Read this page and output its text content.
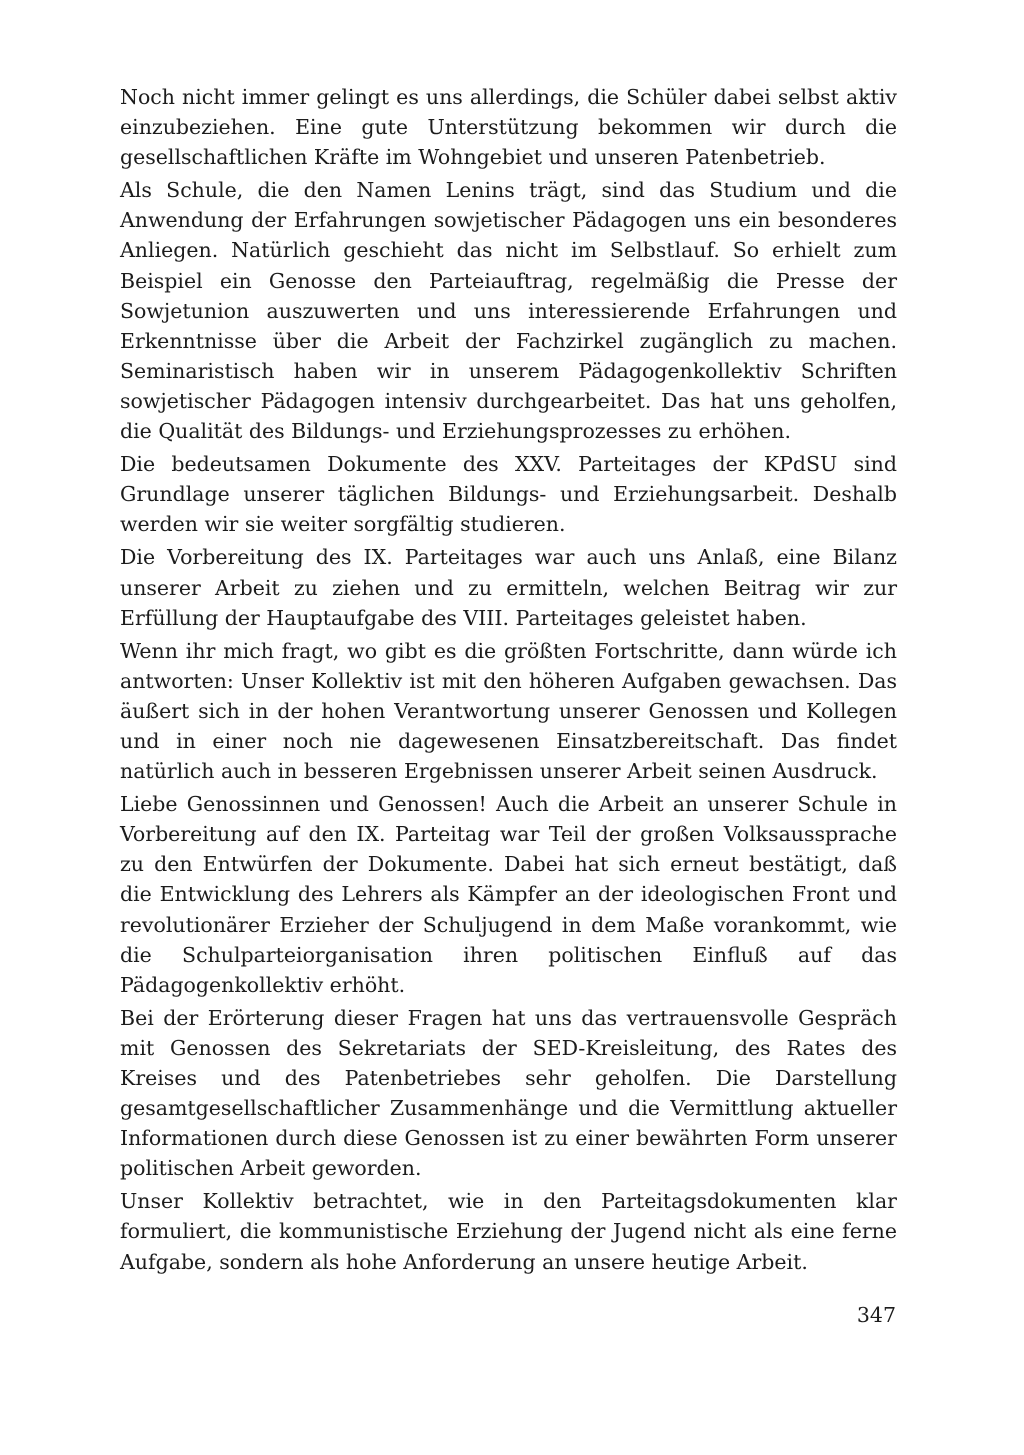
Noch nicht immer gelingt es uns allerdings, die Schüler dabei selbst aktiv einzubeziehen. Eine gute Unterstützung bekommen wir durch die gesellschaftlichen Kräfte im Wohngebiet und unseren Patenbetrieb.

Als Schule, die den Namen Lenins trägt, sind das Studium und die Anwendung der Erfahrungen sowjetischer Pädagogen uns ein besonderes Anliegen. Natürlich geschieht das nicht im Selbstlauf. So erhielt zum Beispiel ein Genosse den Parteiauftrag, regelmäßig die Presse der Sowjetunion auszuwerten und uns interessierende Erfahrungen und Erkenntnisse über die Arbeit der Fachzirkel zugänglich zu machen. Seminaristisch haben wir in unserem Pädagogenkollektiv Schriften sowjetischer Pädagogen intensiv durchgearbeitet. Das hat uns geholfen, die Qualität des Bildungs- und Erziehungsprozesses zu erhöhen.

Die bedeutsamen Dokumente des XXV. Parteitages der KPdSU sind Grundlage unserer täglichen Bildungs- und Erziehungsarbeit. Deshalb werden wir sie weiter sorgfältig studieren.

Die Vorbereitung des IX. Parteitages war auch uns Anlaß, eine Bilanz unserer Arbeit zu ziehen und zu ermitteln, welchen Beitrag wir zur Erfüllung der Hauptaufgabe des VIII. Parteitages geleistet haben.

Wenn ihr mich fragt, wo gibt es die größten Fortschritte, dann würde ich antworten: Unser Kollektiv ist mit den höheren Aufgaben gewachsen. Das äußert sich in der hohen Verantwortung unserer Genossen und Kollegen und in einer noch nie dagewesenen Einsatzbereitschaft. Das findet natürlich auch in besseren Ergebnissen unserer Arbeit seinen Ausdruck.

Liebe Genossinnen und Genossen! Auch die Arbeit an unserer Schule in Vorbereitung auf den IX. Parteitag war Teil der großen Volksaussprache zu den Entwürfen der Dokumente. Dabei hat sich erneut bestätigt, daß die Entwicklung des Lehrers als Kämpfer an der ideologischen Front und revolutionärer Erzieher der Schuljugend in dem Maße vorankommt, wie die Schulparteiorganisation ihren politischen Einfluß auf das Pädagogenkollektiv erhöht.

Bei der Erörterung dieser Fragen hat uns das vertrauensvolle Gespräch mit Genossen des Sekretariats der SED-Kreisleitung, des Rates des Kreises und des Patenbetriebes sehr geholfen. Die Darstellung gesamtgesellschaftlicher Zusammenhänge und die Vermittlung aktueller Informationen durch diese Genossen ist zu einer bewährten Form unserer politischen Arbeit geworden.

Unser Kollektiv betrachtet, wie in den Parteitagsdokumenten klar formuliert, die kommunistische Erziehung der Jugend nicht als eine ferne Aufgabe, sondern als hohe Anforderung an unsere heutige Arbeit.

347
